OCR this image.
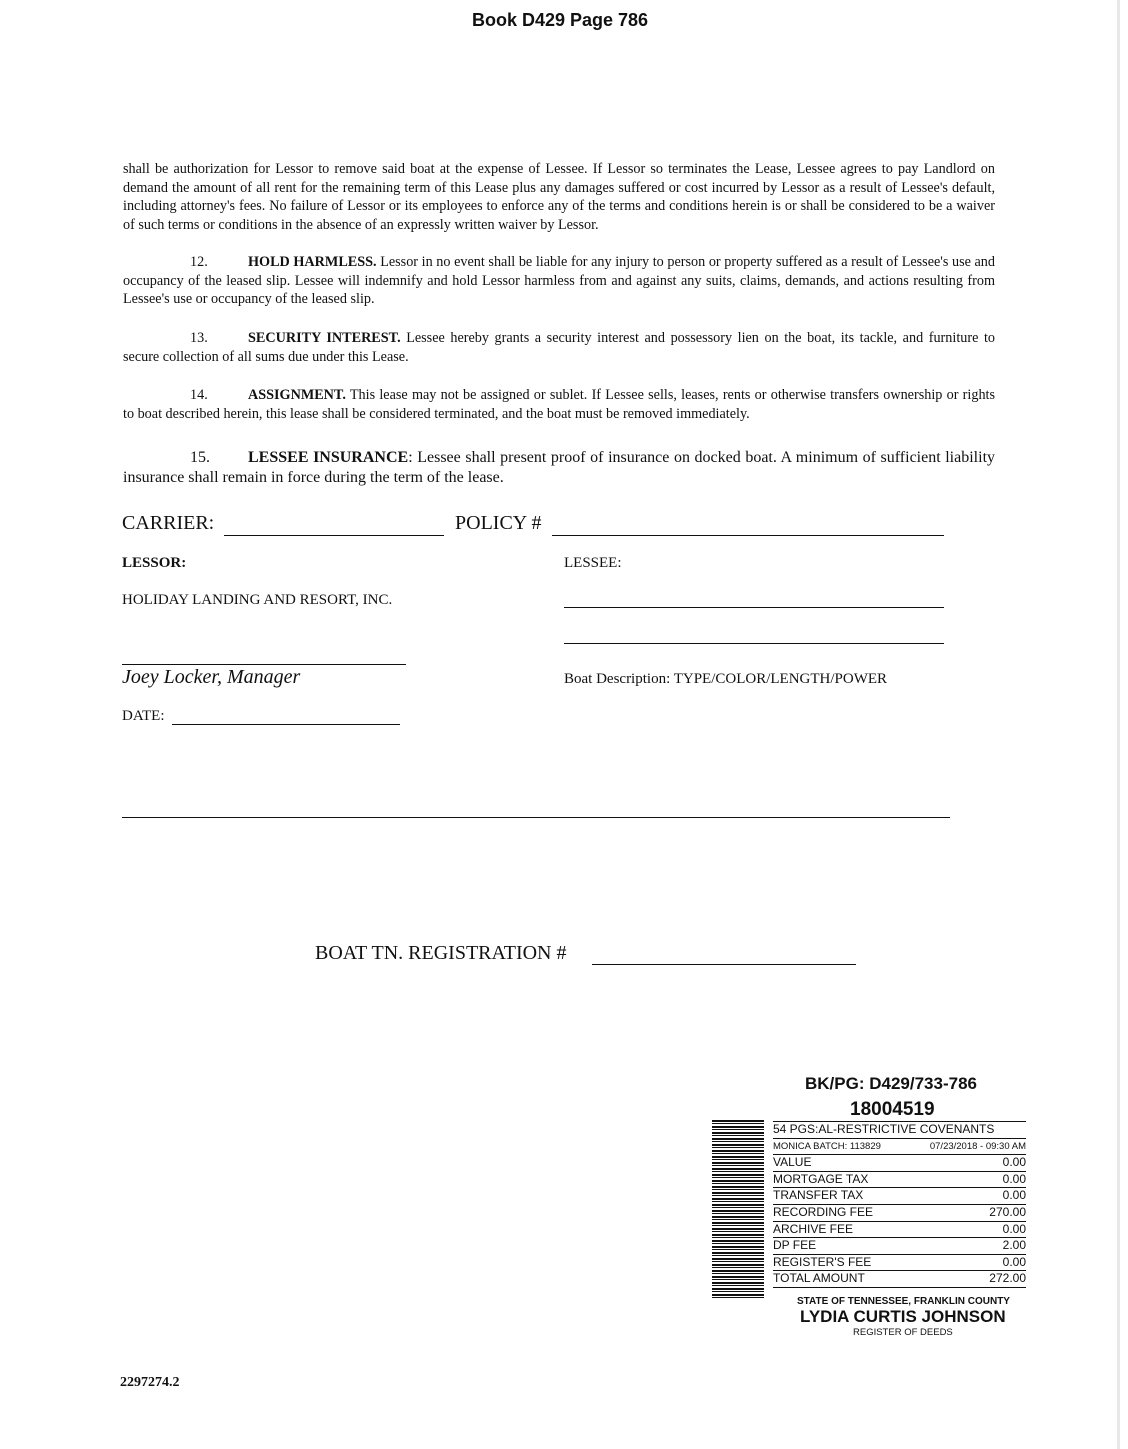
Book D429 Page 786

shall be authorization for Lessor to remove said boat at the expense of Lessee. If Lessor so terminates the Lease, Lessee agrees to pay Landlord on demand the amount of all rent for the remaining term of this Lease plus any damages suffered or cost incurred by Lessor as a result of Lessee's default, including attorney's fees. No failure of Lessor or its employees to enforce any of the terms and conditions herein is or shall be considered to be a waiver of such terms or conditions in the absence of an expressly written waiver by Lessor.

12.	HOLD HARMLESS. Lessor in no event shall be liable for any injury to person or property suffered as a result of Lessee's use and occupancy of the leased slip. Lessee will indemnify and hold Lessor harmless from and against any suits, claims, demands, and actions resulting from Lessee's use or occupancy of the leased slip.

13.	SECURITY INTEREST. Lessee hereby grants a security interest and possessory lien on the boat, its tackle, and furniture to secure collection of all sums due under this Lease.

14.	ASSIGNMENT. This lease may not be assigned or sublet. If Lessee sells, leases, rents or otherwise transfers ownership or rights to boat described herein, this lease shall be considered terminated, and the boat must be removed immediately.

15. LESSEE INSURANCE: Lessee shall present proof of insurance on docked boat. A minimum of sufficient liability insurance shall remain in force during the term of the lease.

CARRIER:	POLICY #
LESSOR:	LESSEE:
HOLIDAY LANDING AND RESORT, INC.
Joey Locker, Manager	Boat Description: TYPE/COLOR/LENGTH/POWER
DATE:
BOAT TN. REGISTRATION #
BK/PG: D429/733-786
18004519
54 PGS:AL-RESTRICTIVE COVENANTS
MONICA BATCH: 113829	07/23/2018 - 09:30 AM
VALUE	0.00
MORTGAGE TAX	0.00
TRANSFER TAX	0.00
RECORDING FEE	270.00
ARCHIVE FEE	0.00
DP FEE	2.00
REGISTER'S FEE	0.00
TOTAL AMOUNT	272.00
STATE OF TENNESSEE, FRANKLIN COUNTY
LYDIA CURTIS JOHNSON
REGISTER OF DEEDS
2297274.2
